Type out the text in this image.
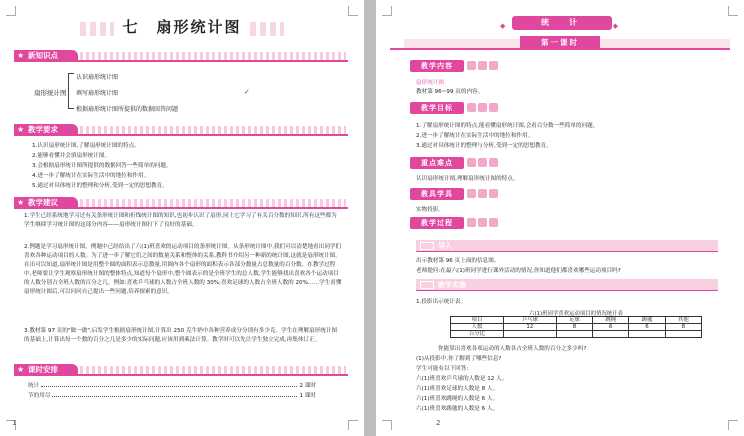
七　扇形统计图
★ 新知识点
扇形统计图
认识扇形统计图
填写扇形统计图
根据扇形统计图所提供的数据回答问题
✓
★ 教学要求
1.认识扇形统计图,了解扇形统计图的特点。
2.能够看懂并会填扇形统计图。
3.会根据扇形统计图所提供的数据回答一些简单的问题。
4.进一步了解统计在实际生活中的地位和作用。
5.通过对具体统计的整理和分析,受到一定的思想教育。
★ 教学建议
1.学生已经系统地学习过有关条形统计图和折线统计图的知识,也初步认识了扇形,同上它学习了有关百分数的知识,所有这些都为学生继续学习统计图的这部分内容——扇形统计图打下了良好的基础。
2.例题是学习扇形统计图。例题中已经给出了六(1)班喜欢的运动项目的条形统计图。从条形统计图中,我们可以清楚地看出同学们喜欢各种运动项目的人数。为了进一步了解它们之间的数量关系和整体的关系,教科书介绍另一种新的统计图,这就是扇形统计图。在出可以知道,扇形统计图是用整个圆的面积表示总数量,用圆内各个扇形的面积表示各部分数量占总数量的百分数。在教学过程中,老师要让学生观察扇形统计图的整体特点,知道每个扇形中,整个圆表示的是全班学生的总人数,学生能够找出喜欢各个运动项目的人数分别占全班人数的百分之几。例如:喜欢乒乓球的人数占全班人数的 30%;喜欢足球的人数占全班人数的 20%……学生看懂扇形统计图后,可以问问自己提出一些问题,培养探索的意识。
3.教材第 97 页的"做一做",启发学生根据扇形统计图,计算出 250 克牛奶中各种营养成分分别有多少克。学生在理解扇形统计图的基础上,计算出每一个数的百分之几是多少的实际问题,应该用到乘法计算。教学时可以先让学生独立完成,再集体订正。
★ 课时安排
统计	2 课时
节的用尽	1 课时
1
◆	统　计	◆
第一课时
教学内容
扇形统计图
教材第 96~99 页的内容。
教学目标
1.了解扇形统计图的特点,能看懂扇形统计图,会看百分数一些简单的问题。
2.进一步了解统计在实际生活中的地位和作用。
3.通过对具体统计的整理与分析,受到一定的思想教育。
重点难点
认识扇形统计图,理解扇形统计图的特点。
教具学具
实物投影。
教学过程
导入
出示教材第 96 页上面的信息图。
老师提问:在最六(1)班同学进行课外活动的情况,你知道他们都喜欢哪些运动项目吗?
教学实施
1.投影出示统计表。
六(1)班同学喜欢运动项目的情况统计表
项目	乒乓球	足球	跳绳	踢毽	其他
人数	12	8	6	6	8
百分比					
你能算出喜欢各项运动的人数各占全班人数的百分之多少吗?
(1)从投影中,你了解到了哪些信息?
学生可能有以下回答:
六(1)班喜欢乒乓球的人数是 12 人。
六(1)班喜欢足球的人数是 8 人。
六(1)班喜欢跳绳的人数是 6 人。
六(1)班喜欢踢毽的人数是 6 人。
2
